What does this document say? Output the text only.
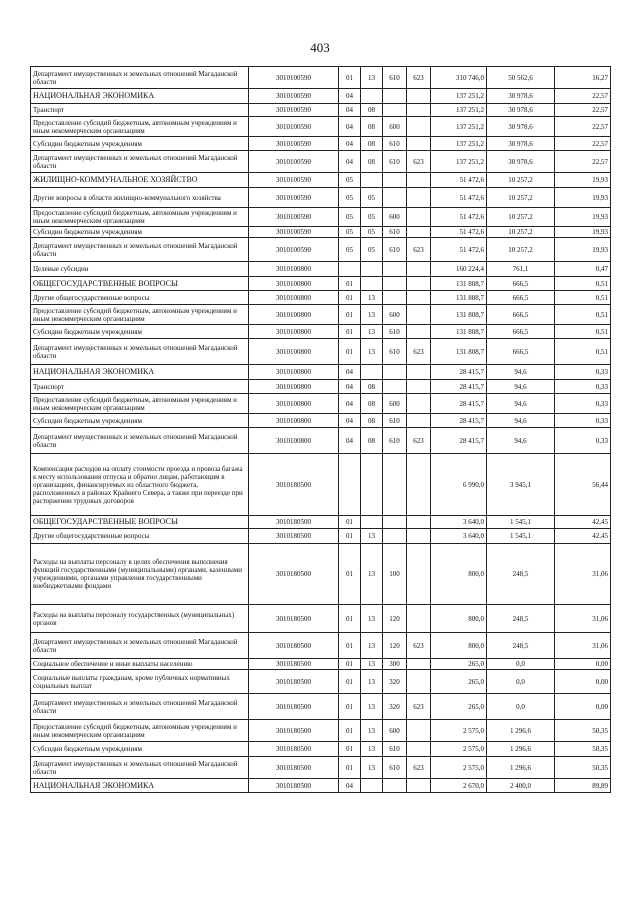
403
Департамент имущественных и земельных отношений Магаданской области	3010100590	01	13	610	623	310 746,0	50 562,6	16,27
НАЦИОНАЛЬНАЯ ЭКОНОМИКА	3010100590	04				137 251,2	30 978,6	22,57
Транспорт	3010100590	04	08			137 251,2	30 978,6	22,57
Предоставление субсидий бюджетным, автономным учреждениям и иным некоммерческим организациям	3010100590	04	08	600		137 251,2	30 978,6	22,57
Субсидии бюджетным учреждениям	3010100590	04	08	610		137 251,2	30 978,6	22,57
Департамент имущественных и земельных отношений Магаданской области	3010100590	04	08	610	623	137 251,2	30 978,6	22,57
ЖИЛИЩНО-КОММУНАЛЬНОЕ ХОЗЯЙСТВО	3010100590	05				51 472,6	10 257,2	19,93
Другие вопросы в области жилищно-коммунального хозяйства	3010100590	05	05			51 472,6	10 257,2	19,93
Предоставление субсидий бюджетным, автономным учреждениям и иным некоммерческим организациям	3010100590	05	05	600		51 472,6	10 257,2	19,93
Субсидии бюджетным учреждениям	3010100590	05	05	610		51 472,6	10 257,2	19,93
Департамент имущественных и земельных отношений Магаданской области	3010100590	05	05	610	623	51 472,6	10 257,2	19,93
Целевые субсидии	3010100800					160 224,4	761,1	0,47
ОБЩЕГОСУДАРСТВЕННЫЕ ВОПРОСЫ	3010100800	01				131 808,7	666,5	0,51
Другие общегосударственные вопросы	3010100800	01	13			131 808,7	666,5	0,51
Предоставление субсидий бюджетным, автономным учреждениям и иным некоммерческим организациям	3010100800	01	13	600		131 808,7	666,5	0,51
Субсидии бюджетным учреждениям	3010100800	01	13	610		131 808,7	666,5	0,51
Департамент имущественных и земельных отношений Магаданской области	3010100800	01	13	610	623	131 808,7	666,5	0,51
НАЦИОНАЛЬНАЯ ЭКОНОМИКА	3010100800	04				28 415,7	94,6	0,33
Транспорт	3010100800	04	08			28 415,7	94,6	0,33
Предоставление субсидий бюджетным, автономным учреждениям и иным некоммерческим организациям	3010100800	04	08	600		28 415,7	94,6	0,33
Субсидии бюджетным учреждениям	3010100800	04	08	610		28 415,7	94,6	0,33
Департамент имущественных и земельных отношений Магаданской области	3010100800	04	08	610	623	28 415,7	94,6	0,33
Компенсация расходов на оплату стоимости проезда и провоза багажа к месту использования отпуска и обратно лицам, работающим в организациях, финансируемых из областного бюджета, расположенных в районах Крайнего Севера, а также при переезде при расторжении трудовых договоров	3010180500					6 990,0	3 945,1	56,44
ОБЩЕГОСУДАРСТВЕННЫЕ ВОПРОСЫ	3010180500	01				3 640,0	1 545,1	42,45
Другие общегосударственные вопросы	3010180500	01	13			3 640,0	1 545,1	42,45
Расходы на выплаты персоналу в целях обеспечения выполнения функций государственными (муниципальными) органами, казенными учреждениями, органами управления государственными внебюджетными фондами	3010180500	01	13	100		800,0	248,5	31,06
Расходы на выплаты персоналу государственных (муниципальных) органов	3010180500	01	13	120		800,0	248,5	31,06
Департамент имущественных и земельных отношений Магаданской области	3010180500	01	13	120	623	800,0	248,5	31,06
Социальное обеспечение и иные выплаты населению	3010180500	01	13	300		265,0	0,0	0,00
Социальные выплаты гражданам, кроме публичных нормативных социальных выплат	3010180500	01	13	320		265,0	0,0	0,00
Департамент имущественных и земельных отношений Магаданской области	3010180500	01	13	320	623	265,0	0,0	0,00
Предоставление субсидий бюджетным, автономным учреждениям и иным некоммерческим организациям	3010180500	01	13	600		2 575,0	1 296,6	50,35
Субсидии бюджетным учреждениям	3010180500	01	13	610		2 575,0	1 296,6	50,35
Департамент имущественных и земельных отношений Магаданской области	3010180500	01	13	610	623	2 575,0	1 296,6	50,35
НАЦИОНАЛЬНАЯ ЭКОНОМИКА	3010180500	04				2 670,0	2 400,0	89,89
